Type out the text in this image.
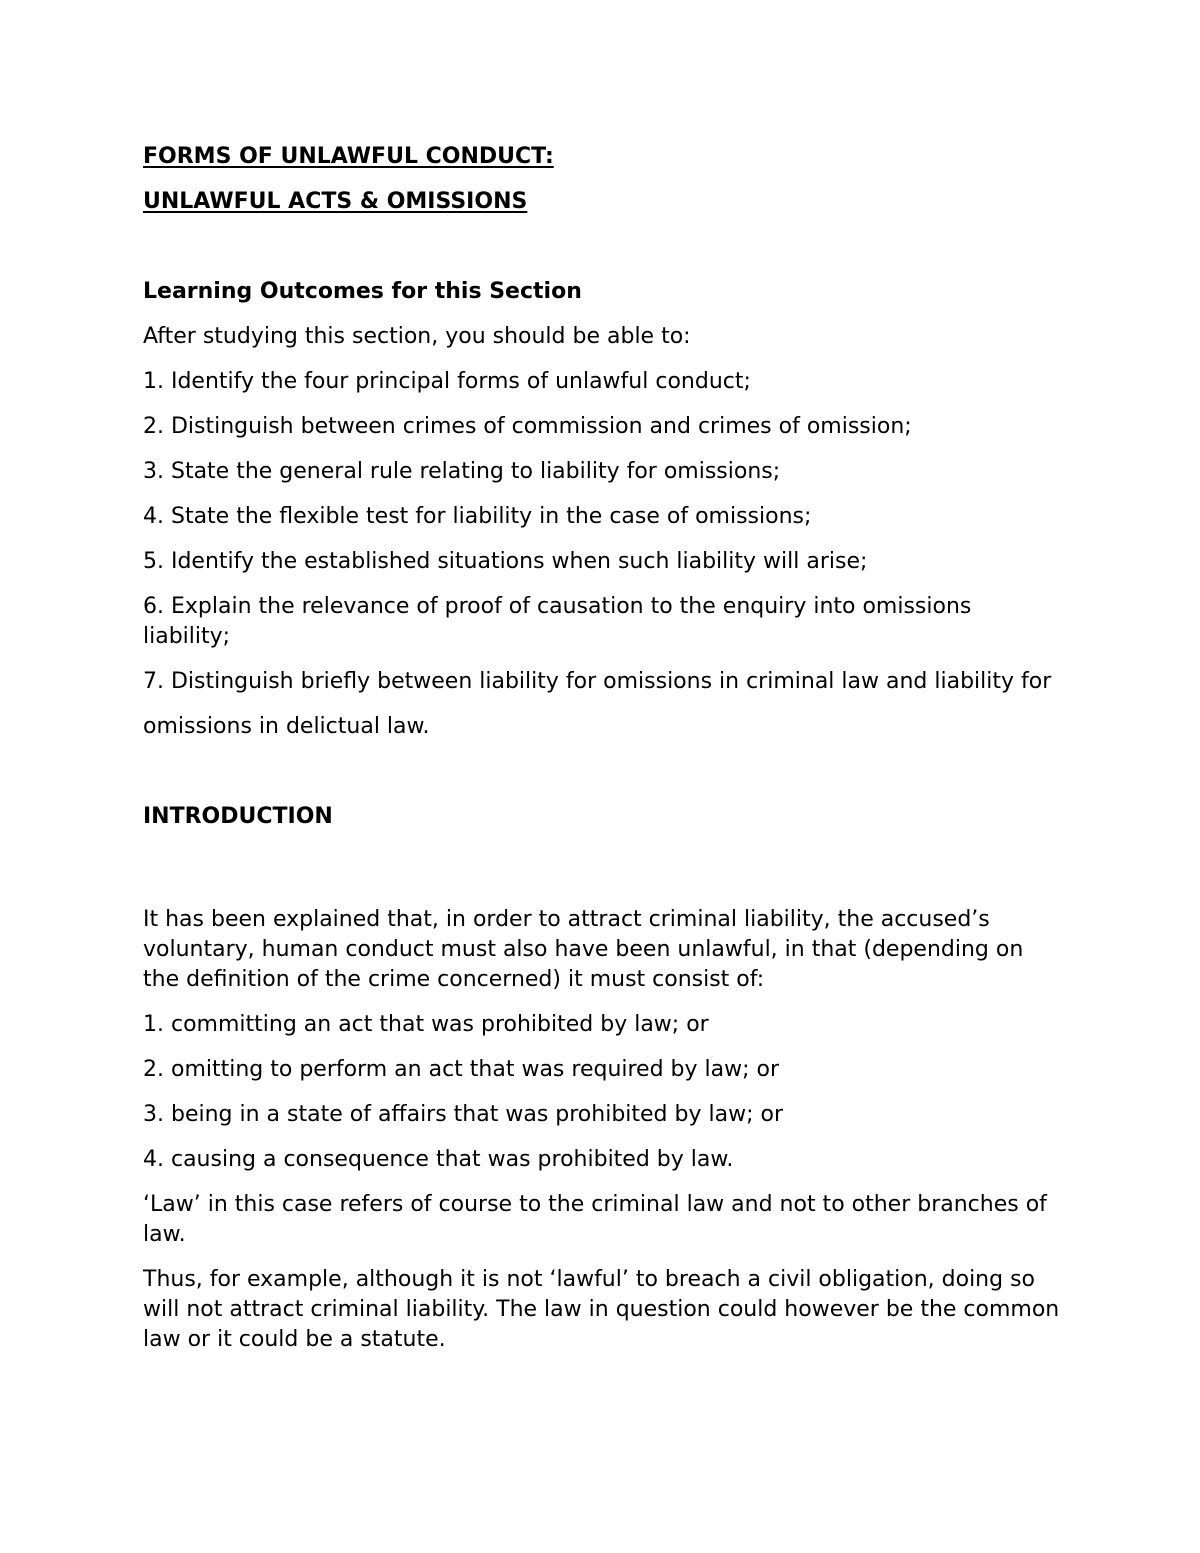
FORMS OF UNLAWFUL CONDUCT:

UNLAWFUL ACTS & OMISSIONS

Learning Outcomes for this Section

After studying this section, you should be able to:

1. Identify the four principal forms of unlawful conduct;

2. Distinguish between crimes of commission and crimes of omission;

3. State the general rule relating to liability for omissions;

4. State the flexible test for liability in the case of omissions;

5. Identify the established situations when such liability will arise;

6. Explain the relevance of proof of causation to the enquiry into omissions liability;

7. Distinguish briefly between liability for omissions in criminal law and liability for

omissions in delictual law.

INTRODUCTION

It has been explained that, in order to attract criminal liability, the accused’s voluntary, human conduct must also have been unlawful, in that (depending on the definition of the crime concerned) it must consist of:

1. committing an act that was prohibited by law; or

2. omitting to perform an act that was required by law; or

3. being in a state of affairs that was prohibited by law; or

4. causing a consequence that was prohibited by law.

‘Law’ in this case refers of course to the criminal law and not to other branches of law.

Thus, for example, although it is not ‘lawful’ to breach a civil obligation, doing so will not attract criminal liability. The law in question could however be the common law or it could be a statute.
